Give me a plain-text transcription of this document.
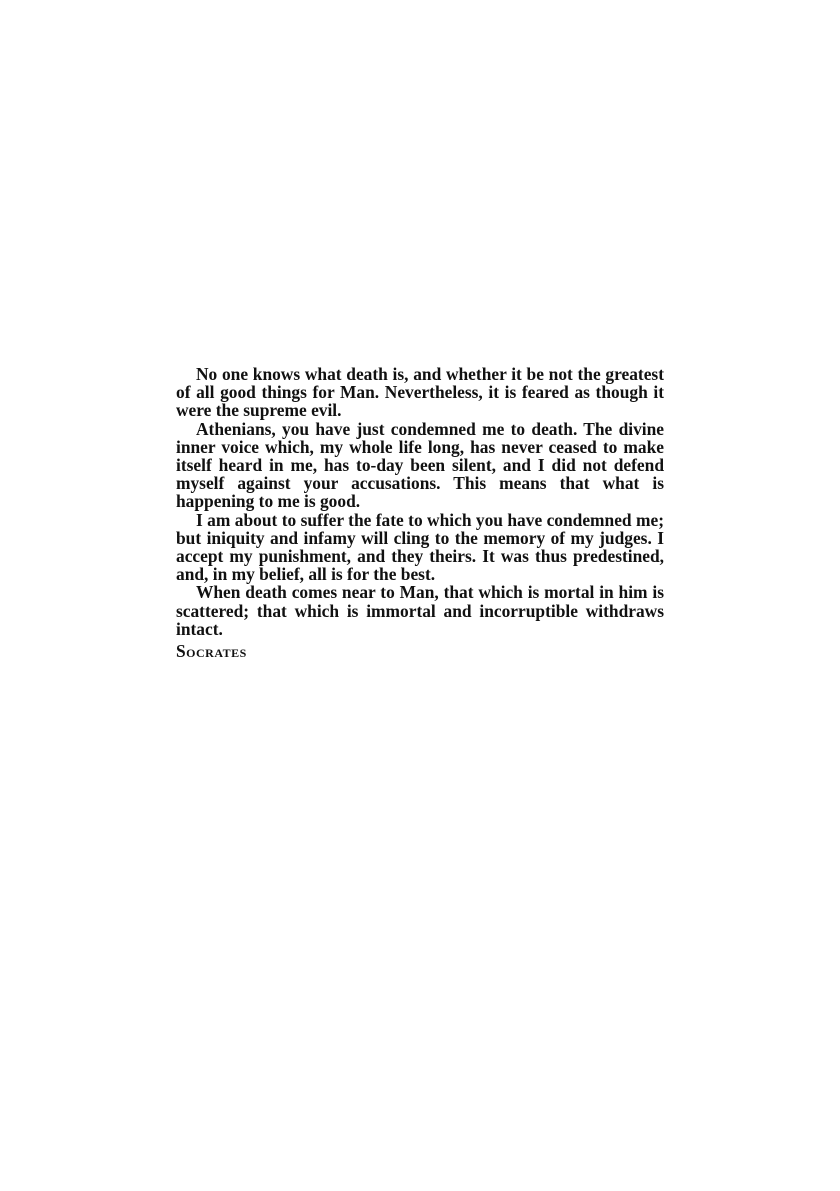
No one knows what death is, and whether it be not the greatest of all good things for Man. Nevertheless, it is feared as though it were the supreme evil.

Athenians, you have just condemned me to death. The divine inner voice which, my whole life long, has never ceased to make itself heard in me, has to-day been silent, and I did not defend myself against your accusations. This means that what is happening to me is good.

I am about to suffer the fate to which you have condemned me; but iniquity and infamy will cling to the memory of my judges. I accept my punishment, and they theirs. It was thus predestined, and, in my belief, all is for the best.

When death comes near to Man, that which is mortal in him is scattered; that which is immortal and incorruptible withdraws intact.

Socrates
